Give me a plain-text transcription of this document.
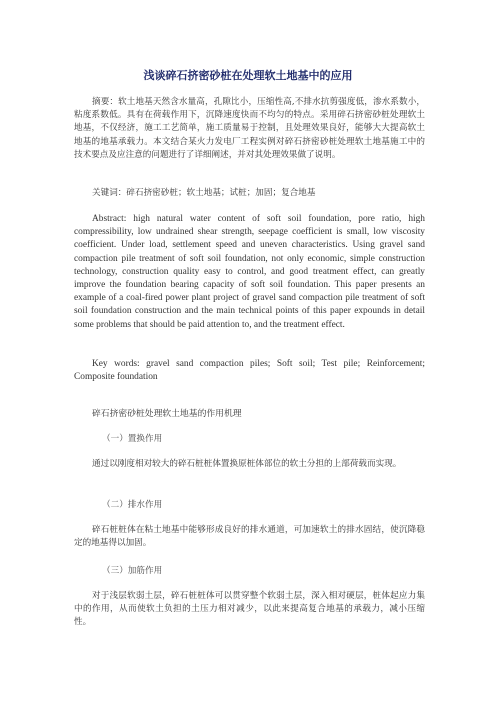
浅谈碎石挤密砂桩在处理软土地基中的应用
摘要：软土地基天然含水量高，孔隙比小，压缩性高,不排水抗剪强度低，渗水系数小，粘度系数低。具有在荷载作用下，沉降速度快而不均匀的特点。采用碎石挤密砂桩处理软土地基，不仅经济，施工工艺简单，施工质量易于控制，且处理效果良好，能够大大提高软土地基的地基承载力。本文结合某火力发电厂工程实例对碎石挤密砂桩处理软土地基施工中的技术要点及应注意的问题进行了详细阐述，并对其处理效果做了说明。
关键词：碎石挤密砂桩；软土地基；试桩；加固；复合地基
Abstract: high natural water content of soft soil foundation, pore ratio, high compressibility, low undrained shear strength, seepage coefficient is small, low viscosity coefficient. Under load, settlement speed and uneven characteristics. Using gravel sand compaction pile treatment of soft soil foundation, not only economic, simple construction technology, construction quality easy to control, and good treatment effect, can greatly improve the foundation bearing capacity of soft soil foundation. This paper presents an example of a coal-fired power plant project of gravel sand compaction pile treatment of soft soil foundation construction and the main technical points of this paper expounds in detail some problems that should be paid attention to, and the treatment effect.
Key words: gravel sand compaction piles; Soft soil; Test pile; Reinforcement; Composite foundation
碎石挤密砂桩处理软土地基的作用机理
（一）置换作用
通过以刚度相对较大的碎石桩桩体置换原桩体部位的软土分担的上部荷载而实现。
（二）排水作用
碎石桩桩体在粘土地基中能够形成良好的排水通道，可加速软土的排水固结，使沉降稳定的地基得以加固。
（三）加筋作用
对于浅层软弱土层，碎石桩桩体可以贯穿整个软弱土层，深入相对硬层，桩体起应力集中的作用，从而使软土负担的土压力相对减少，以此来提高复合地基的承载力，减小压缩性。
